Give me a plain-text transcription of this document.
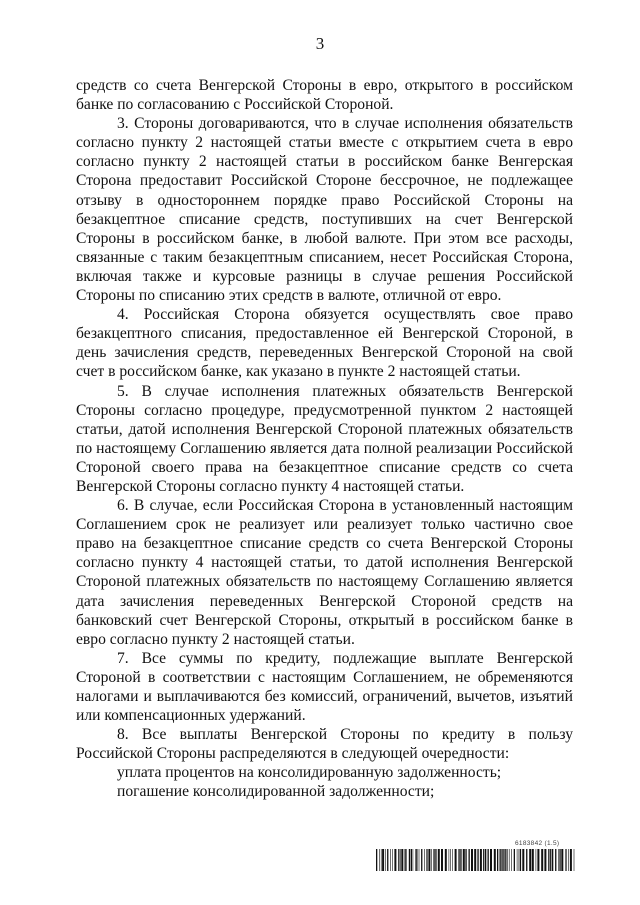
3

средств со счета Венгерской Стороны в евро, открытого в российском банке по согласованию с Российской Стороной.

3. Стороны договариваются, что в случае исполнения обязательств согласно пункту 2 настоящей статьи вместе с открытием счета в евро согласно пункту 2 настоящей статьи в российском банке Венгерская Сторона предоставит Российской Стороне бессрочное, не подлежащее отзыву в одностороннем порядке право Российской Стороны на безакцептное списание средств, поступивших на счет Венгерской Стороны в российском банке, в любой валюте. При этом все расходы, связанные с таким безакцептным списанием, несет Российская Сторона, включая также и курсовые разницы в случае решения Российской Стороны по списанию этих средств в валюте, отличной от евро.

4. Российская Сторона обязуется осуществлять свое право безакцептного списания, предоставленное ей Венгерской Стороной, в день зачисления средств, переведенных Венгерской Стороной на свой счет в российском банке, как указано в пункте 2 настоящей статьи.

5. В случае исполнения платежных обязательств Венгерской Стороны согласно процедуре, предусмотренной пунктом 2 настоящей статьи, датой исполнения Венгерской Стороной платежных обязательств по настоящему Соглашению является дата полной реализации Российской Стороной своего права на безакцептное списание средств со счета Венгерской Стороны согласно пункту 4 настоящей статьи.

6. В случае, если Российская Сторона в установленный настоящим Соглашением срок не реализует или реализует только частично свое право на безакцептное списание средств со счета Венгерской Стороны согласно пункту 4 настоящей статьи, то датой исполнения Венгерской Стороной платежных обязательств по настоящему Соглашению является дата зачисления переведенных Венгерской Стороной средств на банковский счет Венгерской Стороны, открытый в российском банке в евро согласно пункту 2 настоящей статьи.

7. Все суммы по кредиту, подлежащие выплате Венгерской Стороной в соответствии с настоящим Соглашением, не обременяются налогами и выплачиваются без комиссий, ограничений, вычетов, изъятий или компенсационных удержаний.

8. Все выплаты Венгерской Стороны по кредиту в пользу Российской Стороны распределяются в следующей очередности:

уплата процентов на консолидированную задолженность;

погашение консолидированной задолженности;

6183842 (1.5)
